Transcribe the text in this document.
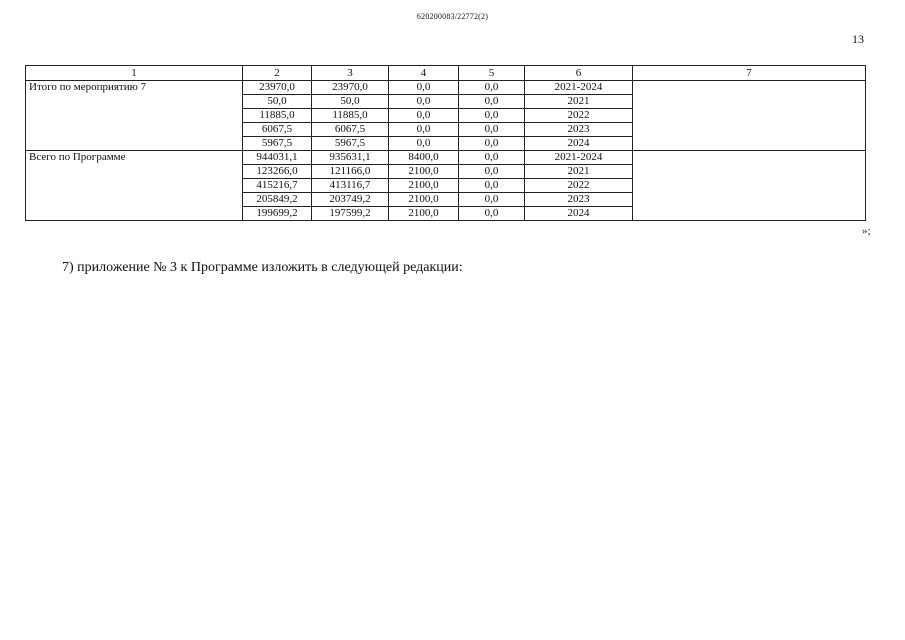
620200083/22772(2)
13
1	2	3	4	5	6	7
Итого по мероприятию 7	23970,0	23970,0	0,0	0,0	2021-2024	
	50,0	50,0	0,0	0,0	2021	
	11885,0	11885,0	0,0	0,0	2022	
	6067,5	6067,5	0,0	0,0	2023	
	5967,5	5967,5	0,0	0,0	2024	
Всего по Программе	944031,1	935631,1	8400,0	0,0	2021-2024	
	123266,0	121166,0	2100,0	0,0	2021	
	415216,7	413116,7	2100,0	0,0	2022	
	205849,2	203749,2	2100,0	0,0	2023	
	199699,2	197599,2	2100,0	0,0	2024	
»;
7) приложение № 3 к Программе изложить в следующей редакции:
